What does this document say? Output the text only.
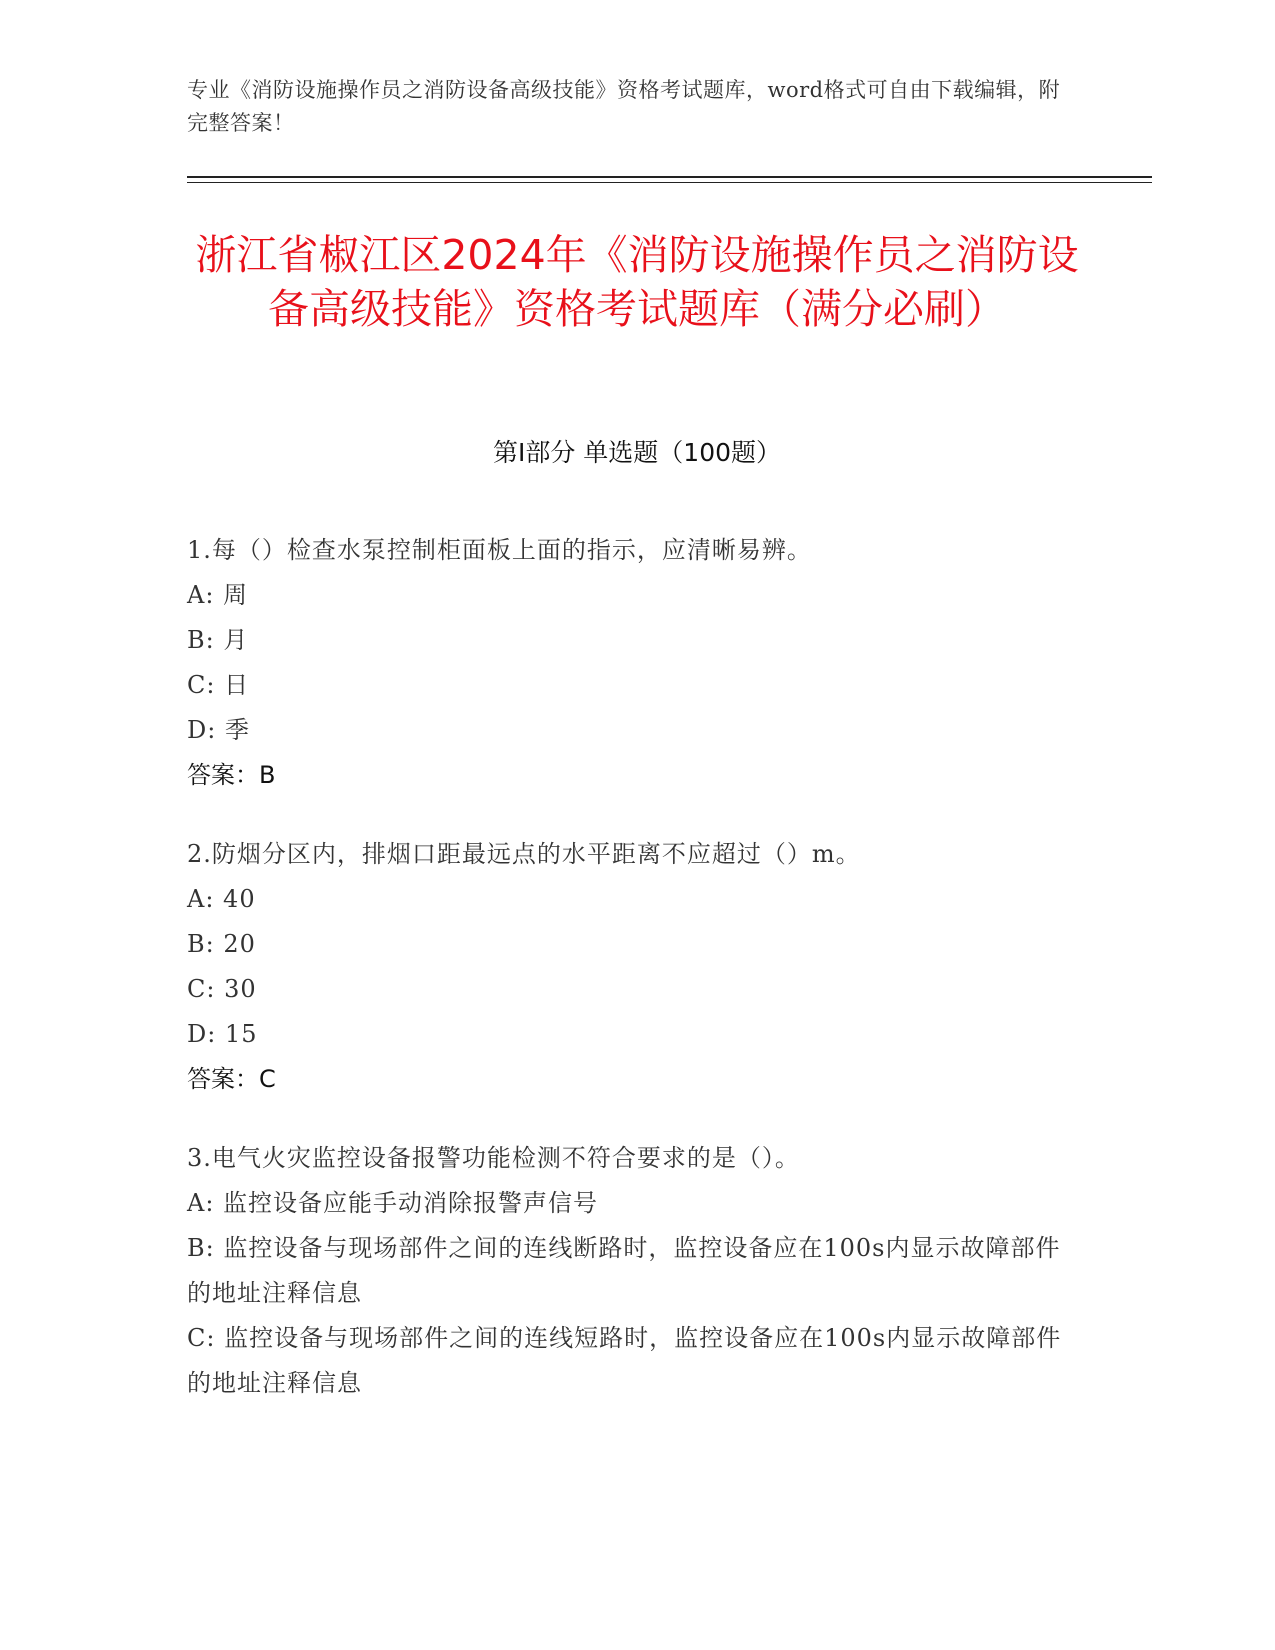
专业《消防设施操作员之消防设备高级技能》资格考试题库，word格式可自由下载编辑，附完整答案！
浙江省椒江区2024年《消防设施操作员之消防设备高级技能》资格考试题库（满分必刷）
第Ⅰ部分 单选题（100题）
1.每（）检查水泵控制柜面板上面的指示，应清晰易辨。
A: 周
B: 月
C: 日
D: 季
答案：B
2.防烟分区内，排烟口距最远点的水平距离不应超过（）m。
A: 40
B: 20
C: 30
D: 15
答案：C
3.电气火灾监控设备报警功能检测不符合要求的是（）。
A: 监控设备应能手动消除报警声信号
B: 监控设备与现场部件之间的连线断路时，监控设备应在100s内显示故障部件的地址注释信息
C: 监控设备与现场部件之间的连线短路时，监控设备应在100s内显示故障部件的地址注释信息
